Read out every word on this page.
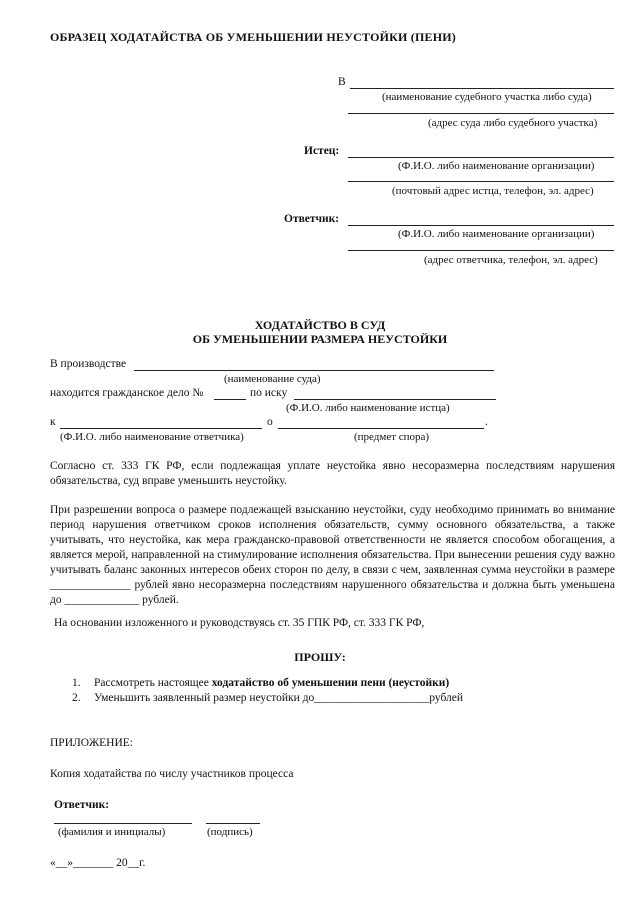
ОБРАЗЕЦ ХОДАТАЙСТВА ОБ УМЕНЬШЕНИИ НЕУСТОЙКИ (ПЕНИ)
В
(наименование судебного участка либо суда)
(адрес суда либо судебного участка)
Истец:
(Ф.И.О. либо наименование организации)
(почтовый адрес истца, телефон, эл. адрес)
Ответчик:
(Ф.И.О. либо наименование организации)
(адрес ответчика, телефон, эл. адрес)
ХОДАТАЙСТВО В СУД
ОБ УМЕНЬШЕНИИ РАЗМЕРА НЕУСТОЙКИ
В производстве
(наименование суда)
находится гражданское дело №	по иску
(Ф.И.О. либо наименование истца)
к	о	.
(Ф.И.О. либо наименование ответчика)	(предмет спора)
Согласно ст. 333 ГК РФ, если подлежащая уплате неустойка явно несоразмерна последствиям нарушения обязательства, суд вправе уменьшить неустойку.
При разрешении вопроса о размере подлежащей взысканию неустойки, суду необходимо принимать во внимание период нарушения ответчиком сроков исполнения обязательств, сумму основного обязательства, а также учитывать, что неустойка, как мера гражданско-правовой ответственности не является способом обогащения, а является мерой, направленной на стимулирование исполнения обязательства. При вынесении решения суду важно учитывать баланс законных интересов обеих сторон по делу, в связи с чем, заявленная сумма неустойки в размере ______________ рублей явно несоразмерна последствиям нарушенного обязательства и должна быть уменьшена до _____________ рублей.
На основании изложенного и руководствуясь ст. 35 ГПК РФ, ст. 333 ГК РФ,
ПРОШУ:
1. Рассмотреть настоящее ходатайство об уменьшении пени (неустойки)
2. Уменьшить заявленный размер неустойки до____________________рублей
ПРИЛОЖЕНИЕ:
Копия ходатайства по числу участников процесса
Ответчик:
(фамилия и инициалы)	(подпись)
«__»_______ 20__г.
